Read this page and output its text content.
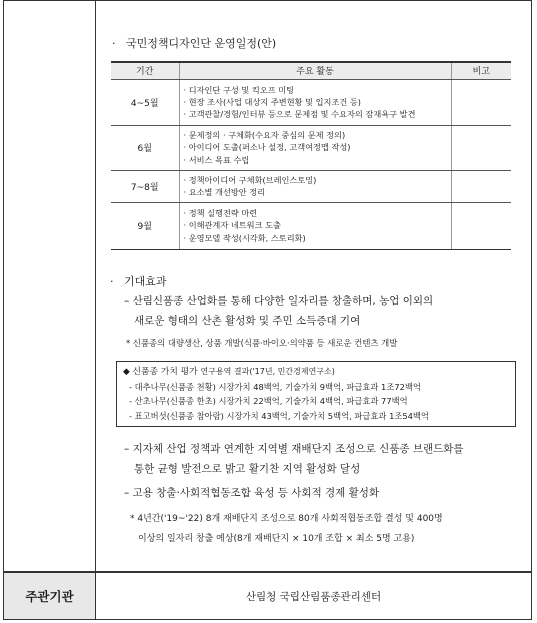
주관기관	산림청 국립산림품종관리센터
· 국민정책디자인단 운영일정(안)
기간	주요 활동	비고
4~5월	· 디자인단 구성 및 킥오프 미팅
· 현장 조사(사업 대상지 주변현황 및 입지조건 등)
· 고객관찰/경험/인터뷰 등으로 문제점 및 수요자의 잠재욕구 발견	

6월	· 문제정의 · 구체화(수요자 중심의 문제 정의)
· 아이디어 도출(퍼소나 설정, 고객여정맵 작성)
· 서비스 목표 수립	

7~8월	· 정책아이디어 구체화(브레인스토밍)
· 요소별 개선방안 정리	

9월	· 정책 실행전략 마련
· 이해관계자 네트워크 도출
· 운영모델 작성(시각화, 스토리화)	

· 기대효과
– 산림신품종 산업화를 통해 다양한 일자리를 창출하며, 농업 이외의
새로운 형태의 산촌 활성화 및 주민 소득증대 기여
* 신품종의 대량생산, 상품 개발(식품·바이오·의약품 등 새로운 컨텐츠 개발
◆ 신품종 가치 평가 연구용역 결과('17년, 민간경제연구소)
- 대추나무(신품종 천황) 시장가치 48백억, 기술가치 9백억, 파급효과 1조72백억
- 산초나무(신품종 한초) 시장가치 22백억, 기술가치 4백억, 파급효과 77백억
- 표고버섯(신품종 참아람) 시장가치 43백억, 기술가치 5백억, 파급효과 1조54백억
– 지자체 산업 정책과 연계한 지역별 재배단지 조성으로 신품종 브랜드화를
통한 균형 발전으로 밝고 활기찬 지역 활성화 달성
– 고용 창출·사회적협동조합 육성 등 사회적 경제 활성화
* 4년간('19~'22) 8개 재배단지 조성으로 80개 사회적협동조합 결성 및 400명
이상의 일자리 창출 예상(8개 재배단지 × 10개 조합 × 최소 5명 고용)
